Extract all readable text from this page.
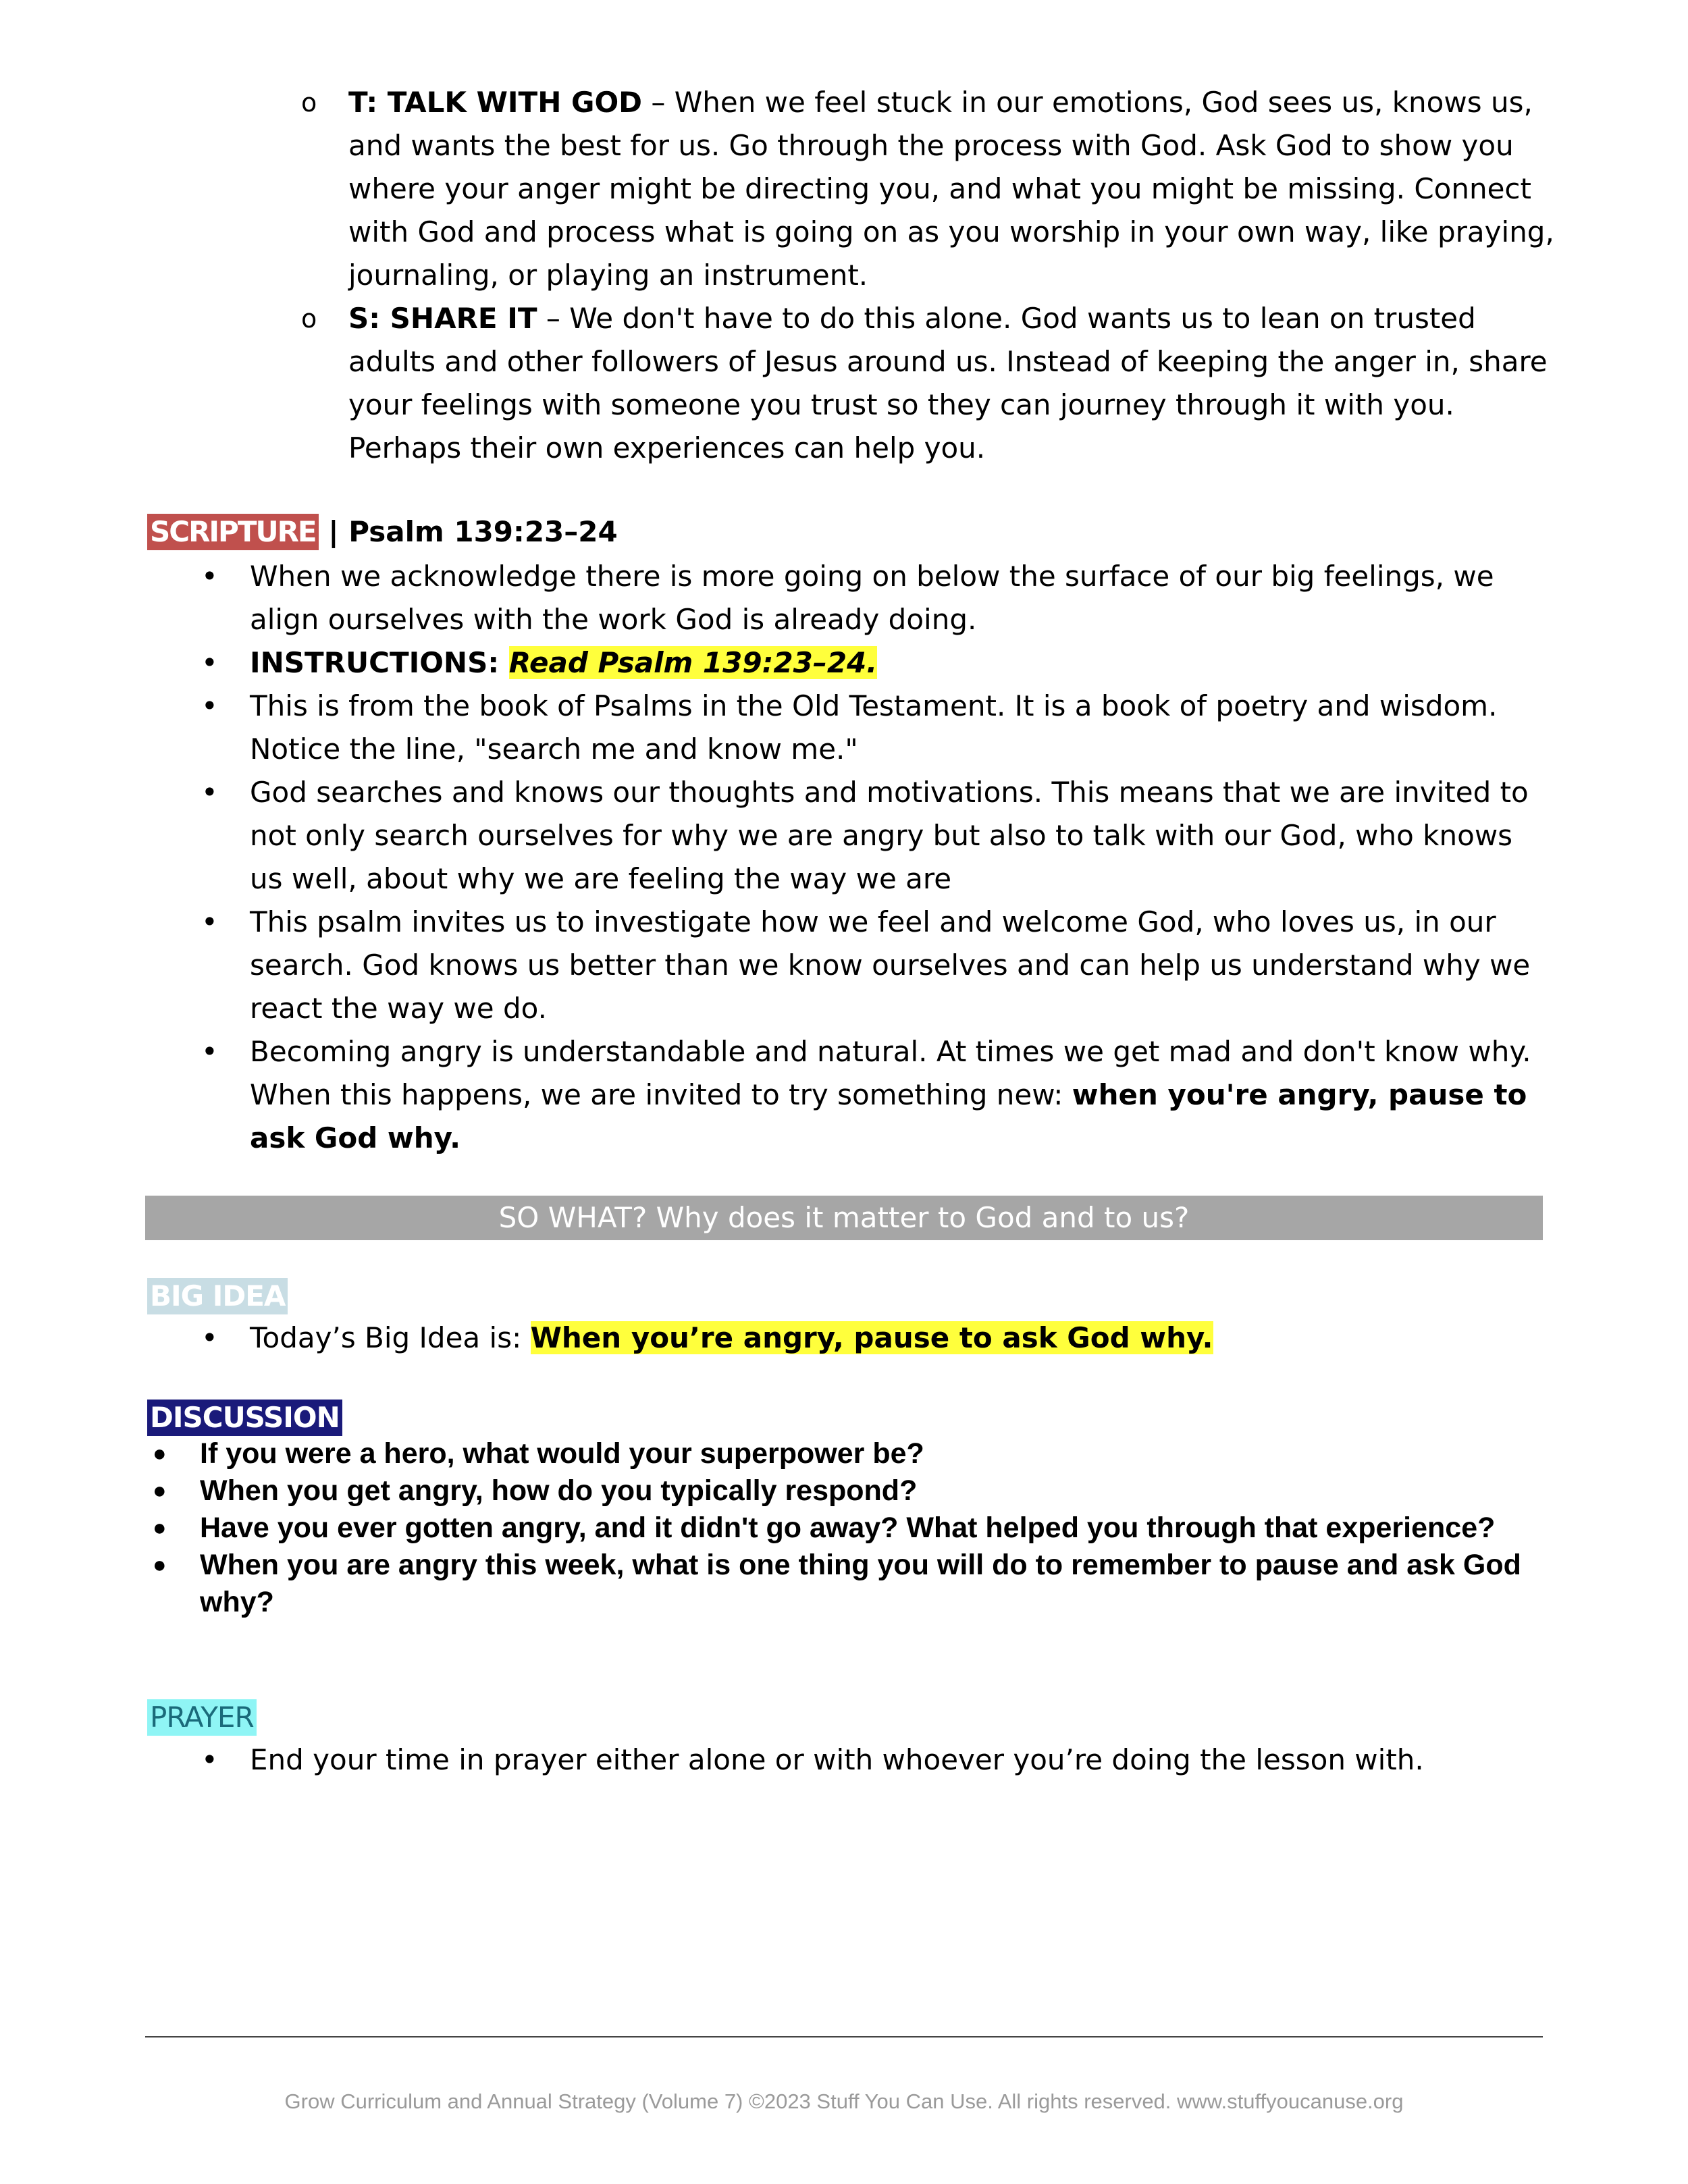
o T: TALK WITH GOD – When we feel stuck in our emotions, God sees us, knows us, and wants the best for us. Go through the process with God. Ask God to show you where your anger might be directing you, and what you might be missing. Connect with God and process what is going on as you worship in your own way, like praying, journaling, or playing an instrument.
o S: SHARE IT – We don't have to do this alone. God wants us to lean on trusted adults and other followers of Jesus around us. Instead of keeping the anger in, share your feelings with someone you trust so they can journey through it with you. Perhaps their own experiences can help you.
SCRIPTURE | Psalm 139:23–24
• When we acknowledge there is more going on below the surface of our big feelings, we align ourselves with the work God is already doing.
• INSTRUCTIONS: Read Psalm 139:23–24.
• This is from the book of Psalms in the Old Testament. It is a book of poetry and wisdom. Notice the line, "search me and know me."
• God searches and knows our thoughts and motivations. This means that we are invited to not only search ourselves for why we are angry but also to talk with our God, who knows us well, about why we are feeling the way we are
• This psalm invites us to investigate how we feel and welcome God, who loves us, in our search. God knows us better than we know ourselves and can help us understand why we react the way we do.
• Becoming angry is understandable and natural. At times we get mad and don't know why. When this happens, we are invited to try something new: when you're angry, pause to ask God why.
SO WHAT? Why does it matter to God and to us?
BIG IDEA
• Today’s Big Idea is: When you’re angry, pause to ask God why.
DISCUSSION
● If you were a hero, what would your superpower be?
● When you get angry, how do you typically respond?
● Have you ever gotten angry, and it didn't go away? What helped you through that experience?
● When you are angry this week, what is one thing you will do to remember to pause and ask God why?
PRAYER
• End your time in prayer either alone or with whoever you’re doing the lesson with.
Grow Curriculum and Annual Strategy (Volume 7) ©2023 Stuff You Can Use. All rights reserved. www.stuffyoucanuse.org
